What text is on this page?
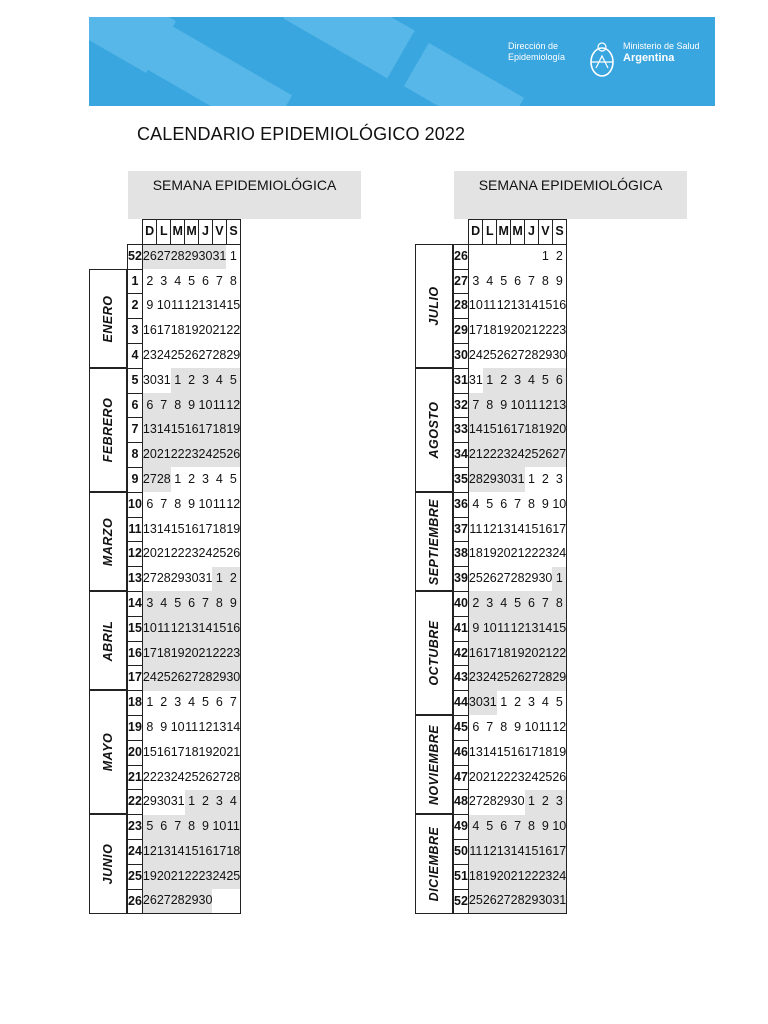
Dirección de
Epidemiología
Ministerio de Salud
Argentina
CALENDARIO EPIDEMIOLÓGICO 2022
SEMANA EPIDEMIOLÓGICA
	D	L	M	M	J	V	S
52	26	27	28	29	30	31	1
1	2	3	4	5	6	7	8
2	9	10	11	12	13	14	15
3	16	17	18	19	20	21	22
4	23	24	25	26	27	28	29
5	30	31	1	2	3	4	5
6	6	7	8	9	10	11	12
7	13	14	15	16	17	18	19
8	20	21	22	23	24	25	26
9	27	28	1	2	3	4	5
10	6	7	8	9	10	11	12
11	13	14	15	16	17	18	19
12	20	21	22	23	24	25	26
13	27	28	29	30	31	1	2
14	3	4	5	6	7	8	9
15	10	11	12	13	14	15	16
16	17	18	19	20	21	22	23
17	24	25	26	27	28	29	30
18	1	2	3	4	5	6	7
19	8	9	10	11	12	13	14
20	15	16	17	18	19	20	21
21	22	23	24	25	26	27	28
22	29	30	31	1	2	3	4
23	5	6	7	8	9	10	11
24	12	13	14	15	16	17	18
25	19	20	21	22	23	24	25
26	26	27	28	29	30		
ENERO
FEBRERO
MARZO
ABRIL
MAYO
JUNIO
SEMANA EPIDEMIOLÓGICA
	D	L	M	M	J	V	S
26						1	2
27	3	4	5	6	7	8	9
28	10	11	12	13	14	15	16
29	17	18	19	20	21	22	23
30	24	25	26	27	28	29	30
31	31	1	2	3	4	5	6
32	7	8	9	10	11	12	13
33	14	15	16	17	18	19	20
34	21	22	23	24	25	26	27
35	28	29	30	31	1	2	3
36	4	5	6	7	8	9	10
37	11	12	13	14	15	16	17
38	18	19	20	21	22	23	24
39	25	26	27	28	29	30	1
40	2	3	4	5	6	7	8
41	9	10	11	12	13	14	15
42	16	17	18	19	20	21	22
43	23	24	25	26	27	28	29
44	30	31	1	2	3	4	5
45	6	7	8	9	10	11	12
46	13	14	15	16	17	18	19
47	20	21	22	23	24	25	26
48	27	28	29	30	1	2	3
49	4	5	6	7	8	9	10
50	11	12	13	14	15	16	17
51	18	19	20	21	22	23	24
52	25	26	27	28	29	30	31
JULIO
AGOSTO
SEPTIEMBRE
OCTUBRE
NOVIEMBRE
DICIEMBRE
